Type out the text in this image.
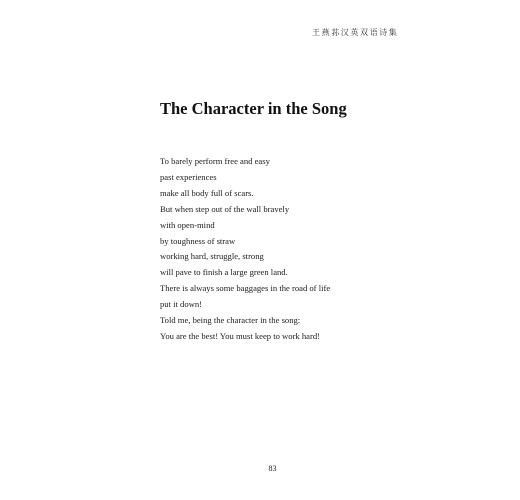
王燕荪汉英双语诗集
The Character in the Song
To barely perform free and easy
past experiences
make all body full of scars.
But when step out of the wall bravely
with open-mind
by toughness of straw
working hard, struggle, strong
will pave to finish a large green land.
There is always some baggages in the road of life
put it down!
Told me, being the character in the song:
You are the best! You must keep to work hard!
83
